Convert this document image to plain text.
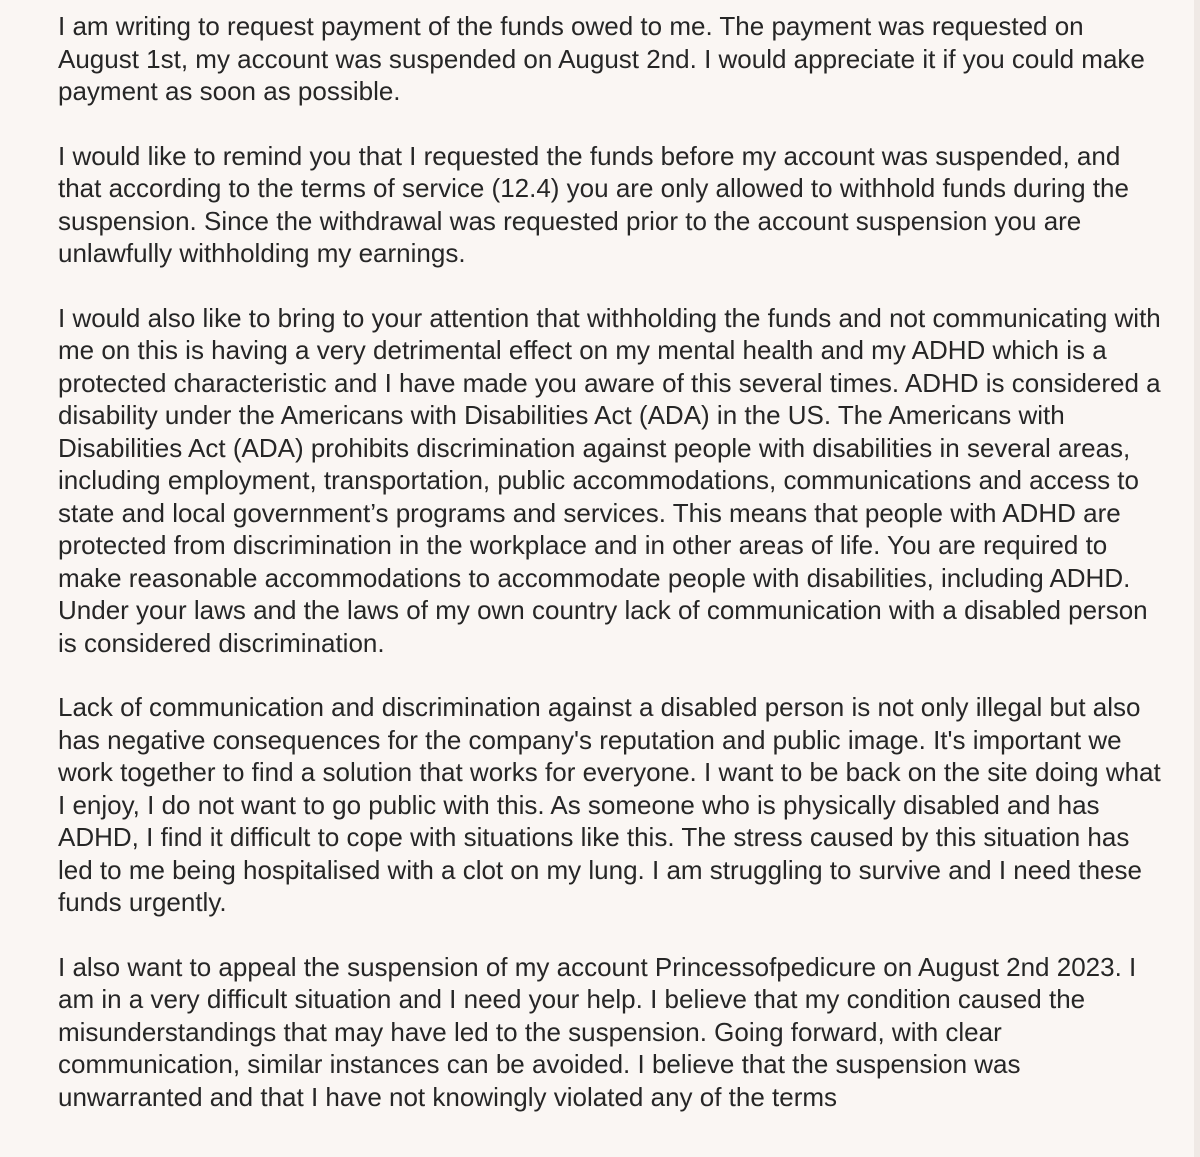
I am writing to request payment of the funds owed to me. The payment was requested on August 1st, my account was suspended on August 2nd. I would appreciate it if you could make payment as soon as possible.

I would like to remind you that I requested the funds before my account was suspended, and that according to the terms of service (12.4) you are only allowed to withhold funds during the suspension. Since the withdrawal was requested prior to the account suspension you are unlawfully withholding my earnings.

I would also like to bring to your attention that withholding the funds and not communicating with me on this is having a very detrimental effect on my mental health and my ADHD which is a protected characteristic and I have made you aware of this several times. ADHD is considered a disability under the Americans with Disabilities Act (ADA) in the US. The Americans with Disabilities Act (ADA) prohibits discrimination against people with disabilities in several areas, including employment, transportation, public accommodations, communications and access to state and local government’s programs and services. This means that people with ADHD are protected from discrimination in the workplace and in other areas of life. You are required to make reasonable accommodations to accommodate people with disabilities, including ADHD. Under your laws and the laws of my own country lack of communication with a disabled person is considered discrimination.

Lack of communication and discrimination against a disabled person is not only illegal but also has negative consequences for the company's reputation and public image. It's important we work together to find a solution that works for everyone. I want to be back on the site doing what I enjoy, I do not want to go public with this. As someone who is physically disabled and has ADHD, I find it difficult to cope with situations like this. The stress caused by this situation has led to me being hospitalised with a clot on my lung. I am struggling to survive and I need these funds urgently.

I also want to appeal the suspension of my account Princessofpedicure on August 2nd 2023. I am in a very difficult situation and I need your help. I believe that my condition caused the misunderstandings that may have led to the suspension. Going forward, with clear communication, similar instances can be avoided. I believe that the suspension was unwarranted and that I have not knowingly violated any of the terms
